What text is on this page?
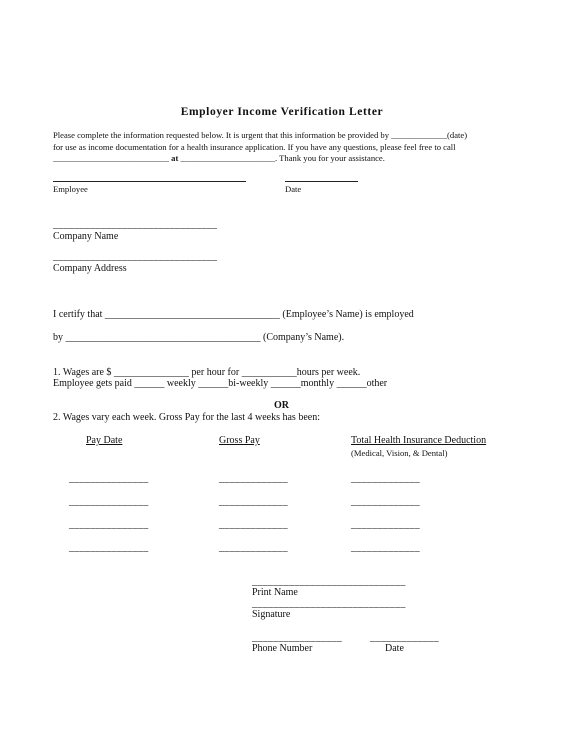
Employer Income Verification Letter
Please complete the information requested below. It is urgent that this information be provided by _____________(date)
for use as income documentation for a health insurance application. If you have any questions, please feel free to call
___________________________ at ______________________. Thank you for your assistance.
Employee	Date
_______________________________
Company Name
_______________________________
Company Address
I certify that ___________________________________ (Employee’s Name) is employed
by _______________________________________ (Company’s Name).
1. Wages are $ _______________ per hour for ___________hours per week.
Employee gets paid ______ weekly ______bi-weekly ______monthly ______other
OR
2. Wages vary each week. Gross Pay for the last 4 weeks has been:
Pay Date	Gross Pay	Total Health Insurance Deduction
(Medical, Vision, & Dental)
_______________	_____________	_____________
_______________	_____________	_____________
_______________	_____________	_____________
_______________	_____________	_____________
_____________________________
Print Name
_____________________________
Signature
_________________	_____________
Phone Number	Date
